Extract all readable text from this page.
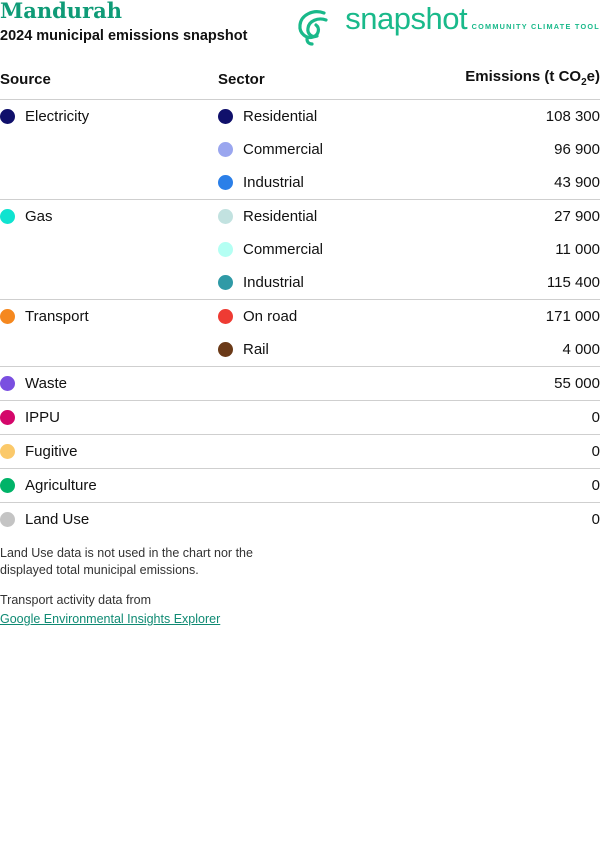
Mandurah
2024 municipal emissions snapshot	snapshot COMMUNITY CLIMATE TOOL
Source	Sector	Emissions (t $CO_2e$)

Electricity	Residential	108 300

	Commercial	96 900

	Industrial	43 900

Gas	Residential	27 900

	Commercial	11 000

	Industrial	115 400

Transport	On road	171 000

	Rail	4 000

Waste		55 000

IPPU		0

Fugitive		0

Agriculture		0

Land Use		0

Land Use data is not used in the chart nor the
displayed total municipal emissions.

Transport activity data from

Google Environmental Insights Explorer
